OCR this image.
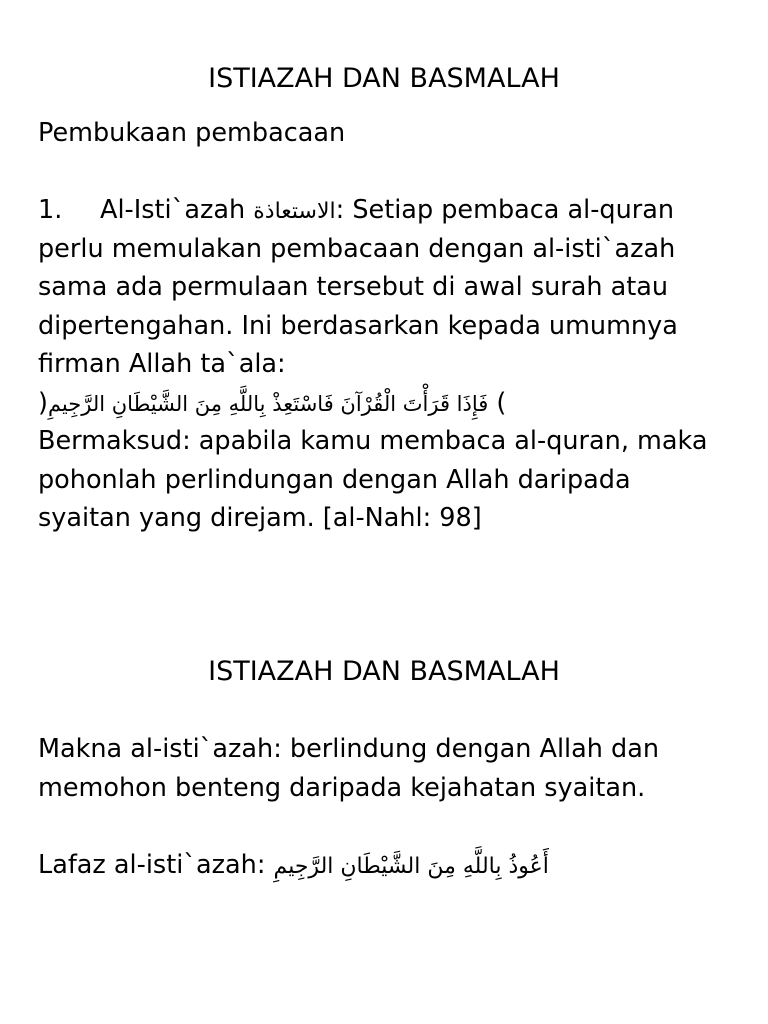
ISTIAZAH DAN BASMALAH
Pembukaan pembacaan
1. Al-Isti`azah الاستعاذة: Setiap pembaca al-quran
perlu memulakan pembacaan dengan al-isti`azah
sama ada permulaan tersebut di awal surah atau
dipertengahan. Ini berdasarkan kepada umumnya
firman Allah ta`ala:
)فَإِذَا قَرَأْتَ الْقُرْآنَ فَاسْتَعِذْ بِاللَّهِ مِنَ الشَّيْطَانِ الرَّجِيمِ (
Bermaksud: apabila kamu membaca al-quran, maka
pohonlah perlindungan dengan Allah daripada
syaitan yang direjam. [al-Nahl: 98]
ISTIAZAH DAN BASMALAH
Makna al-isti`azah: berlindung dengan Allah dan
memohon benteng daripada kejahatan syaitan.
Lafaz al-isti`azah: أَعُوذُ بِاللَّهِ مِنَ الشَّيْطَانِ الرَّجِيمِ
